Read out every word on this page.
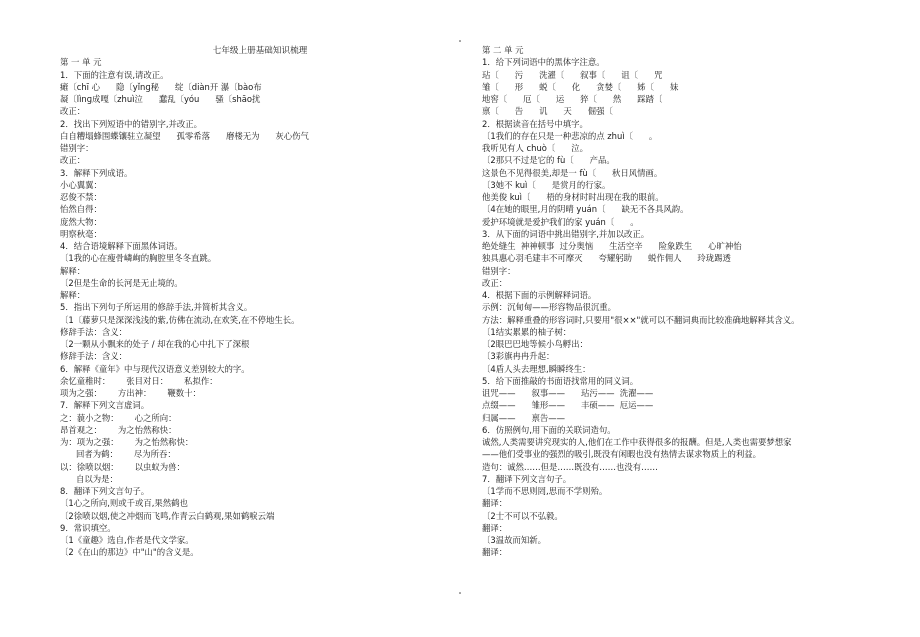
七年级上册基础知识梳理
第 一 单 元
1．下面的注意有误,请改正。
瘫〔chī 心      隐〔yǐnɡ秘      绽〔diàn开 瀑〔bào布
凝〔lìnɡ成嘎〔zhuì泣      蠢乱〔yóu      骚〔shāo扰
改正：
2．找出下列短语中的错别字,并改正。
白自糟塌蜂围蝶镶驻立凝望      孤零希落      磨楼无为      灰心伤气
错别字：
改正：
3．解释下列成语。
小心翼翼：
忍俊不禁：
怡然自得：
庞然大物：
明察秋毫：
4．结合语境解释下面黑体词语。
〔1我的心在瘦骨嶙峋的胸腔里冬冬直跳。
解释：
〔2但是生命的长河是无止境的。
解释：
5．指出下列句子所运用的修辞手法,并简析其含义。
〔1〔藤萝只是深深浅浅的紫,仿佛在流动,在欢笑,在不停地生长。
修辞手法：含义：
〔2一颗从小飘来的处子 / 却在我的心中扎下了深根
修辞手法：含义：
6．解释《童年》中与现代汉语意义差别较大的字。
余忆童稚时：      张目对日：      私拟作：
项为之强：      方出神：      鞭数十：
7．解释下列文言虚词。
之：藐小之物：      心之所向：
昂首观之：      为之怡然称快：
为：项为之强：      为之怡然称快：
回者为鹤：      尽为所吞：
以：徐喷以烟：      以虫蚁为兽：
自以为是：
8．翻译下列文言句子。
〔1心之所向,则或千或百,果然鹤也
〔2徐喷以烟,使之冲烟而飞鸣,作青云白鹤观,果如鹤唳云端
9．常识填空。
〔1《童趣》选自,作者是代文学家。
〔2《在山的那边》中"山"的含义是。
第 二 单 元
1．给下列词语中的黑体字注意。
玷〔      污      洗濯〔      叙事〔      诅〔      咒
雏〔      形      蜕〔      化      贪婪〔      姊〔      妹
地窖〔      厄〔      运      猝〔      然      踩踏〔
禀〔      告      讥      天      倔强〔
2．根据读音在括号中填字。
〔1我们的存在只是一种悲凉的点 zhuì〔      。
我听见有人 chuò〔      泣。
〔2那只不过是它的 fù〔      产品。
这景色不见得很美,却是一 fù〔      秋日风情画。
〔3她不 kuì〔      是赏月的行家。
他美俊 kuì〔      梧的身材时时出现在我的眼前。
〔4在她的眼里,月的阴晴 yuán〔      缺无不各具风韵。
爱护环境就是爱护我们的家 yuán〔      。
3．从下面的词语中挑出错别字,并加以改正。
绝处缝生  神神顿事  过分奥恼      生活空辛      险象跌生      心旷神怡
独具惠心羽毛建丰不可摩灭      夸耀躬助      蜕作佣人      玲珑踢透
错别字：
改正：
4．根据下面的示例解释词语。
示例：沉甸甸——形容物品很沉重。
方法：解释重叠的形容词时,只要用"很××"就可以不翻词典而比较准确地解释其含义。
〔1结实累累的柚子树：
〔2眼巴巴地等候小鸟孵出：
〔3彩旗冉冉升起：
〔4盾人头去理想,瞬瞬终生：
5．给下面推敲的书面语找常用的同义词。
诅咒——      叙事——      玷污——  洗濯——
点缀——      雏形——      丰硕——  厄运——
归属——      禀告——
6．仿照例句,用下面的关联词造句。
诚然,人类需要讲究现实的人,他们在工作中获得很多的报酬。但是,人类也需要梦想家
——他们受事业的强烈的吸引,既没有闲暇也没有热情去谋求物质上的利益。
造句：诚然……但是……既没有……也没有……
7．翻译下列文言句子。
〔1学而不思则罔,思而不学则殆。
翻译：
〔2士不可以不弘毅。
翻译：
〔3温故而知新。
翻译：
